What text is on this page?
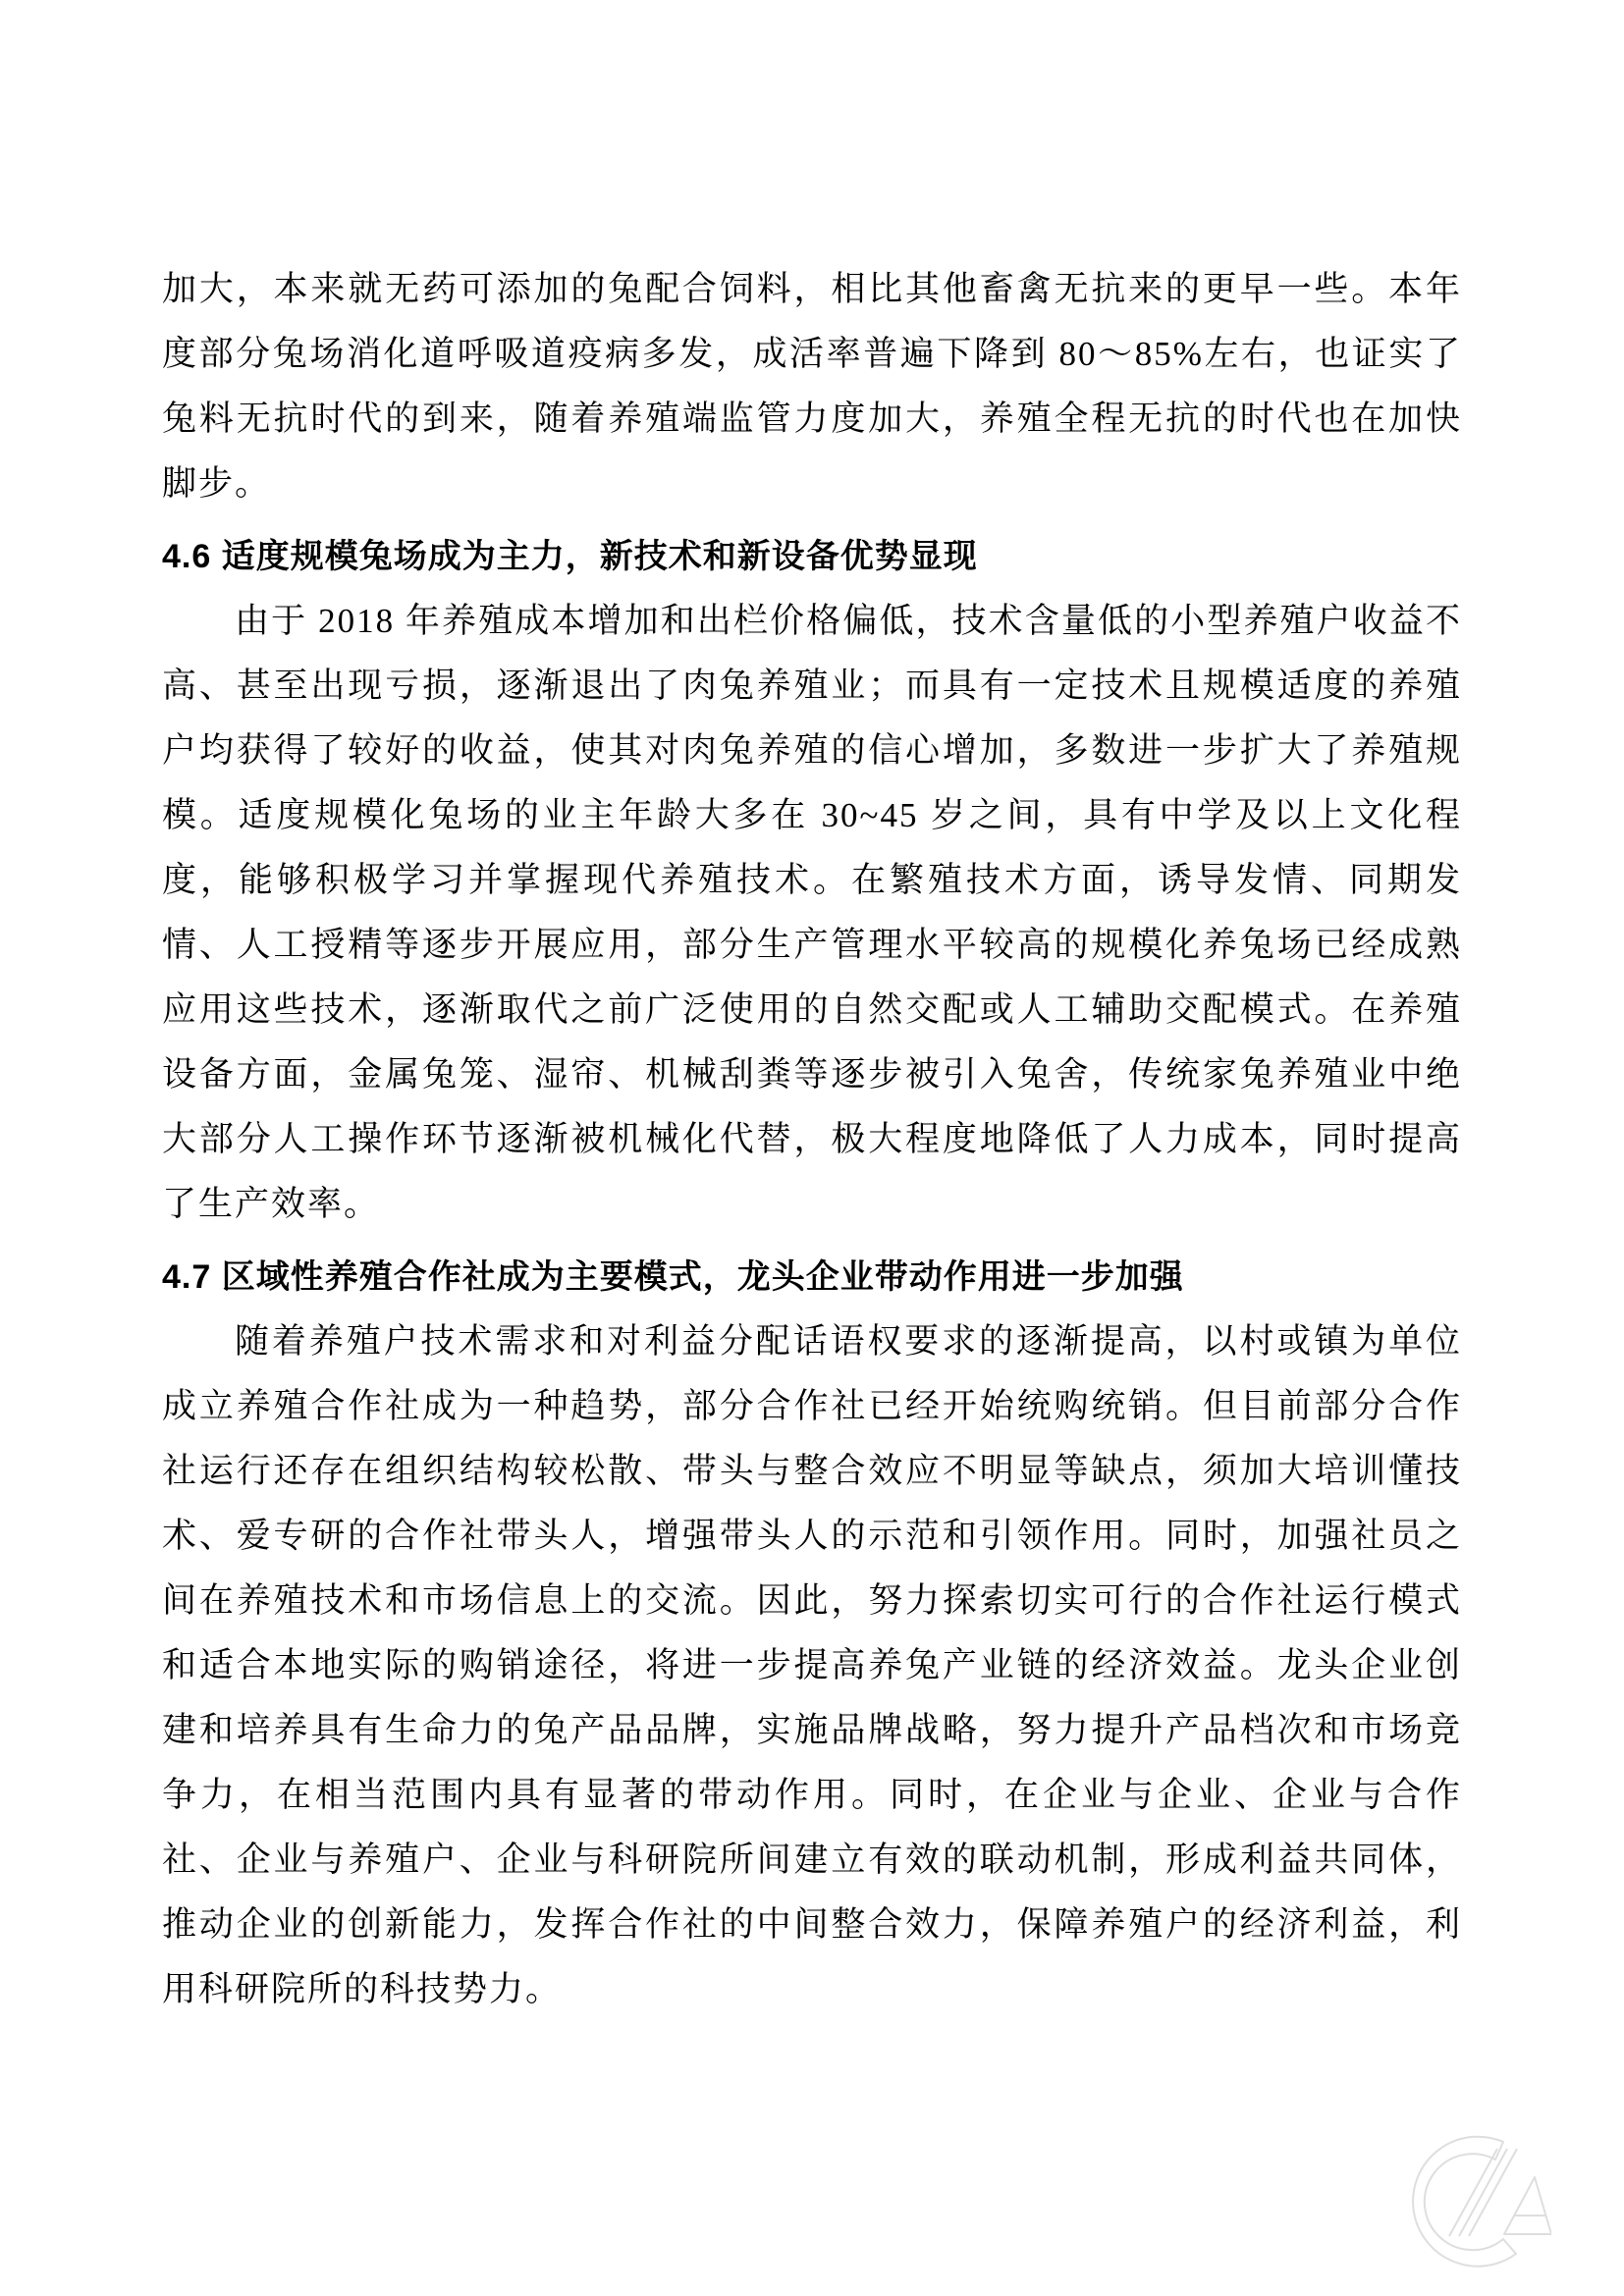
加大，本来就无药可添加的兔配合饲料，相比其他畜禽无抗来的更早一些。本年度部分兔场消化道呼吸道疫病多发，成活率普遍下降到 80～85%左右，也证实了兔料无抗时代的到来，随着养殖端监管力度加大，养殖全程无抗的时代也在加快脚步。

4.6 适度规模兔场成为主力，新技术和新设备优势显现

由于 2018 年养殖成本增加和出栏价格偏低，技术含量低的小型养殖户收益不高、甚至出现亏损，逐渐退出了肉兔养殖业；而具有一定技术且规模适度的养殖户均获得了较好的收益，使其对肉兔养殖的信心增加，多数进一步扩大了养殖规模。适度规模化兔场的业主年龄大多在 30~45 岁之间，具有中学及以上文化程度，能够积极学习并掌握现代养殖技术。在繁殖技术方面，诱导发情、同期发情、人工授精等逐步开展应用，部分生产管理水平较高的规模化养兔场已经成熟应用这些技术，逐渐取代之前广泛使用的自然交配或人工辅助交配模式。在养殖设备方面，金属兔笼、湿帘、机械刮粪等逐步被引入兔舍，传统家兔养殖业中绝大部分人工操作环节逐渐被机械化代替，极大程度地降低了人力成本，同时提高了生产效率。

4.7 区域性养殖合作社成为主要模式，龙头企业带动作用进一步加强

随着养殖户技术需求和对利益分配话语权要求的逐渐提高，以村或镇为单位成立养殖合作社成为一种趋势，部分合作社已经开始统购统销。但目前部分合作社运行还存在组织结构较松散、带头与整合效应不明显等缺点，须加大培训懂技术、爱专研的合作社带头人，增强带头人的示范和引领作用。同时，加强社员之间在养殖技术和市场信息上的交流。因此，努力探索切实可行的合作社运行模式和适合本地实际的购销途径，将进一步提高养兔产业链的经济效益。龙头企业创建和培养具有生命力的兔产品品牌，实施品牌战略，努力提升产品档次和市场竞争力，在相当范围内具有显著的带动作用。同时，在企业与企业、企业与合作社、企业与养殖户、企业与科研院所间建立有效的联动机制，形成利益共同体，推动企业的创新能力，发挥合作社的中间整合效力，保障养殖户的经济利益，利用科研院所的科技势力。
